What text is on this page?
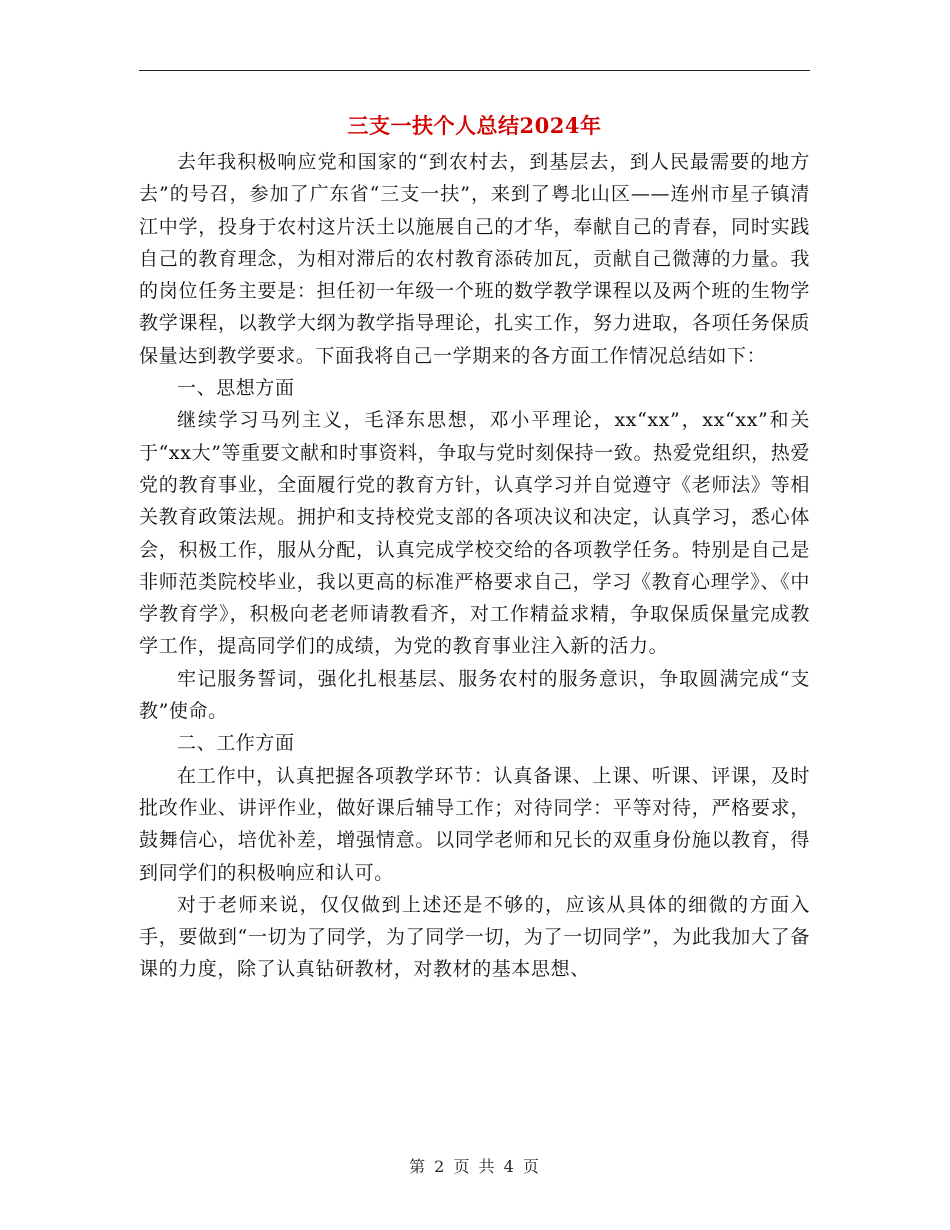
三支一扶个人总结2024年

去年我积极响应党和国家的“到农村去，到基层去，到人民最需要的地方去”的号召，参加了广东省“三支一扶”，来到了粤北山区——连州市星子镇清江中学，投身于农村这片沃土以施展自己的才华，奉献自己的青春，同时实践自己的教育理念，为相对滞后的农村教育添砖加瓦，贡献自己微薄的力量。我的岗位任务主要是：担任初一年级一个班的数学教学课程以及两个班的生物学教学课程，以教学大纲为教学指导理论，扎实工作，努力进取，各项任务保质保量达到教学要求。下面我将自己一学期来的各方面工作情况总结如下：

一、思想方面

继续学习马列主义，毛泽东思想，邓小平理论，xx“xx”，xx“xx”和关于“xx大”等重要文献和时事资料，争取与党时刻保持一致。热爱党组织，热爱党的教育事业，全面履行党的教育方针，认真学习并自觉遵守《老师法》等相关教育政策法规。拥护和支持校党支部的各项决议和决定，认真学习，悉心体会，积极工作，服从分配，认真完成学校交给的各项教学任务。特别是自己是非师范类院校毕业，我以更高的标准严格要求自己，学习《教育心理学》、《中学教育学》，积极向老老师请教看齐，对工作精益求精，争取保质保量完成教学工作，提高同学们的成绩，为党的教育事业注入新的活力。

牢记服务誓词，强化扎根基层、服务农村的服务意识，争取圆满完成“支教”使命。

二、工作方面

在工作中，认真把握各项教学环节：认真备课、上课、听课、评课，及时批改作业、讲评作业，做好课后辅导工作；对待同学：平等对待，严格要求，鼓舞信心，培优补差，增强情意。以同学老师和兄长的双重身份施以教育，得到同学们的积极响应和认可。

对于老师来说，仅仅做到上述还是不够的，应该从具体的细微的方面入手，要做到“一切为了同学，为了同学一切，为了一切同学”，为此我加大了备课的力度，除了认真钻研教材，对教材的基本思想、

第 2 页 共 4 页
